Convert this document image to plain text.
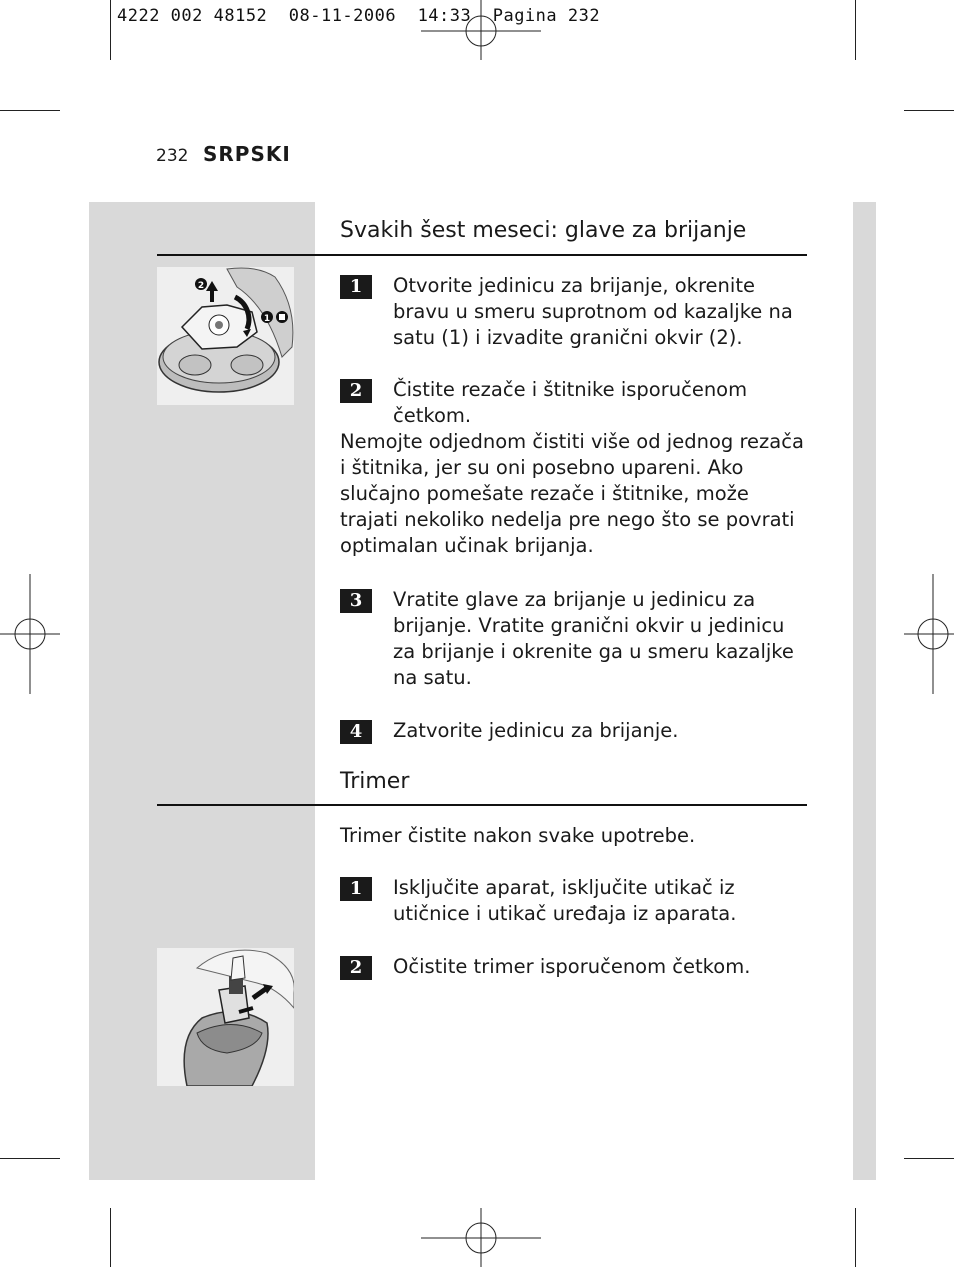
4222 002 48152  08-11-2006  14:33  Pagina 232
232 SRPSKI
Svakih šest meseci: glave za brijanje
2
1
1	Otvorite jedinicu za brijanje, okrenite bravu u smeru suprotnom od kazaljke na satu (1) i izvadite granični okvir (2).
2	Čistite rezače i štitnike isporučenom četkom.
Nemojte odjednom čistiti više od jednog rezača i štitnika, jer su oni posebno upareni. Ako slučajno pomešate rezače i štitnike, može trajati nekoliko nedelja pre nego što se povrati optimalan učinak brijanja.
3	Vratite glave za brijanje u jedinicu za brijanje. Vratite granični okvir u jedinicu za brijanje i okrenite ga u smeru kazaljke na satu.
4	Zatvorite jedinicu za brijanje.
Trimer
Trimer čistite nakon svake upotrebe.
1	Isključite aparat, isključite utikač iz utičnice i utikač uređaja iz aparata.
2	Očistite trimer isporučenom četkom.
